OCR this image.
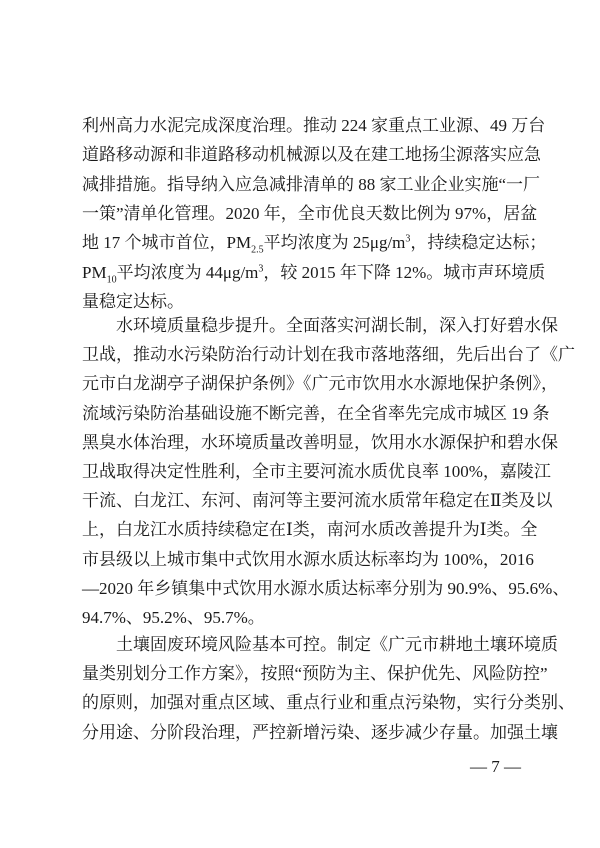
利州高力水泥完成深度治理。推动 224 家重点工业源、49 万台
道路移动源和非道路移动机械源以及在建工地扬尘源落实应急
减排措施。指导纳入应急减排清单的 88 家工业企业实施“一厂
一策”清单化管理。2020 年，全市优良天数比例为 97%，居盆
地 17 个城市首位，$PM_{2.5}$平均浓度为 $25\mu g/m^3$，持续稳定达标；
$PM_{10}$平均浓度为 $44\mu g/m^3$，较 2015 年下降 12%。城市声环境质
量稳定达标。
水环境质量稳步提升。全面落实河湖长制，深入打好碧水保
卫战，推动水污染防治行动计划在我市落地落细，先后出台了《广
元市白龙湖亭子湖保护条例》《广元市饮用水水源地保护条例》，
流域污染防治基础设施不断完善，在全省率先完成市城区 19 条
黑臭水体治理，水环境质量改善明显，饮用水水源保护和碧水保
卫战取得决定性胜利，全市主要河流水质优良率 100%，嘉陵江
干流、白龙江、东河、南河等主要河流水质常年稳定在Ⅱ类及以
上，白龙江水质持续稳定在Ⅰ类，南河水质改善提升为Ⅰ类。全
市县级以上城市集中式饮用水源水质达标率均为 100%，2016
—2020 年乡镇集中式饮用水源水质达标率分别为 90.9%、95.6%、
94.7%、95.2%、95.7%。
土壤固废环境风险基本可控。制定《广元市耕地土壤环境质
量类别划分工作方案》，按照“预防为主、保护优先、风险防控”
的原则，加强对重点区域、重点行业和重点污染物，实行分类别、
分用途、分阶段治理，严控新增污染、逐步减少存量。加强土壤
— 7 —
